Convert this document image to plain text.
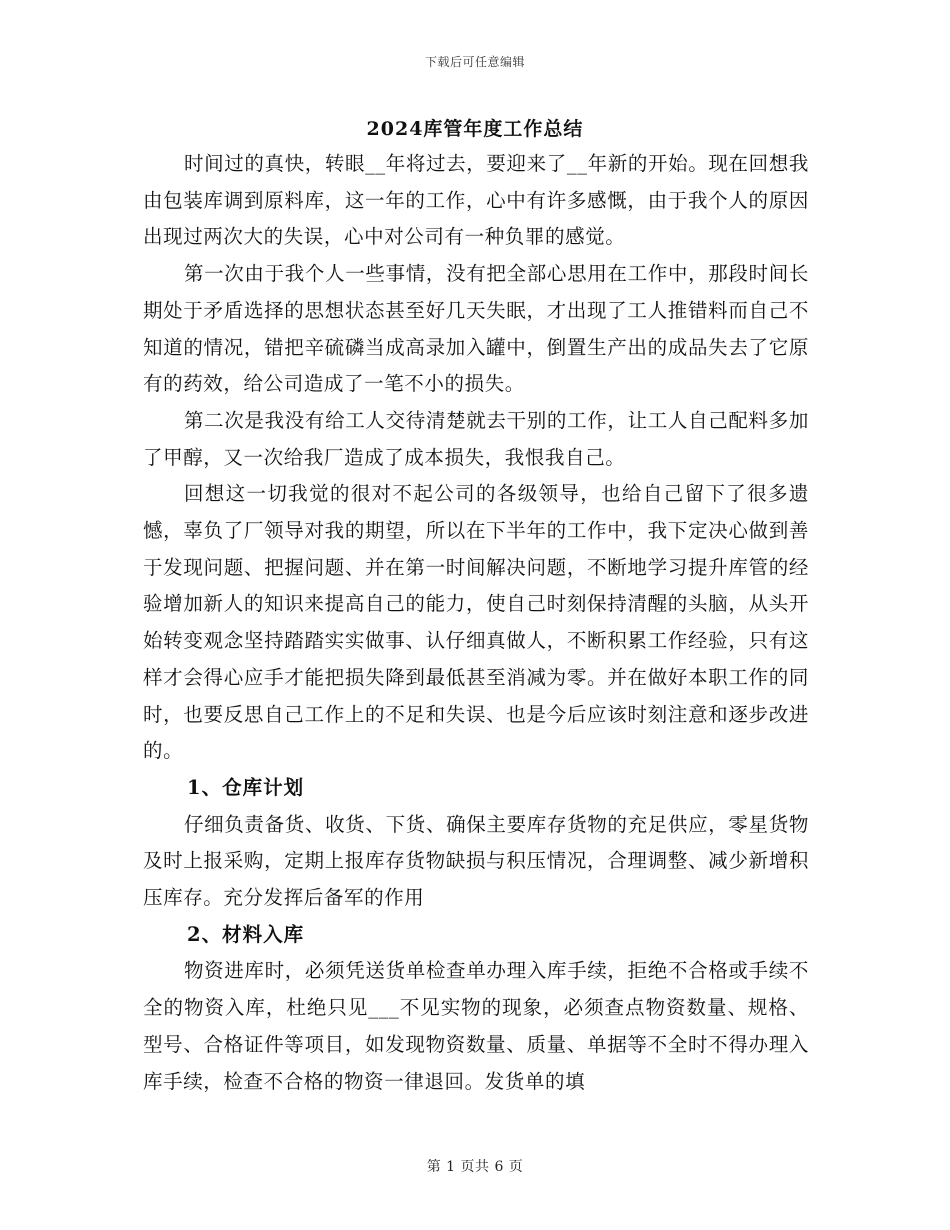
下载后可任意编辑
2024库管年度工作总结

时间过的真快，转眼__年将过去，要迎来了__年新的开始。现在回想我由包装库调到原料库，这一年的工作，心中有许多感慨，由于我个人的原因出现过两次大的失误，心中对公司有一种负罪的感觉。

第一次由于我个人一些事情，没有把全部心思用在工作中，那段时间长期处于矛盾选择的思想状态甚至好几天失眠，才出现了工人推错料而自己不知道的情况，错把辛硫磷当成高录加入罐中，倒置生产出的成品失去了它原有的药效，给公司造成了一笔不小的损失。

第二次是我没有给工人交待清楚就去干别的工作，让工人自己配料多加了甲醇，又一次给我厂造成了成本损失，我恨我自己。

回想这一切我觉的很对不起公司的各级领导，也给自己留下了很多遗憾，辜负了厂领导对我的期望，所以在下半年的工作中，我下定决心做到善于发现问题、把握问题、并在第一时间解决问题，不断地学习提升库管的经验增加新人的知识来提高自己的能力，使自己时刻保持清醒的头脑，从头开始转变观念坚持踏踏实实做事、认仔细真做人，不断积累工作经验，只有这样才会得心应手才能把损失降到最低甚至消减为零。并在做好本职工作的同时，也要反思自己工作上的不足和失误、也是今后应该时刻注意和逐步改进的。

1、仓库计划

仔细负责备货、收货、下货、确保主要库存货物的充足供应，零星货物及时上报采购，定期上报库存货物缺损与积压情况，合理调整、减少新增积压库存。充分发挥后备军的作用

2、材料入库

物资进库时，必须凭送货单检查单办理入库手续，拒绝不合格或手续不全的物资入库，杜绝只见___不见实物的现象，必须查点物资数量、规格、型号、合格证件等项目，如发现物资数量、质量、单据等不全时不得办理入库手续，检查不合格的物资一律退回。发货单的填

第 1 页共 6 页
